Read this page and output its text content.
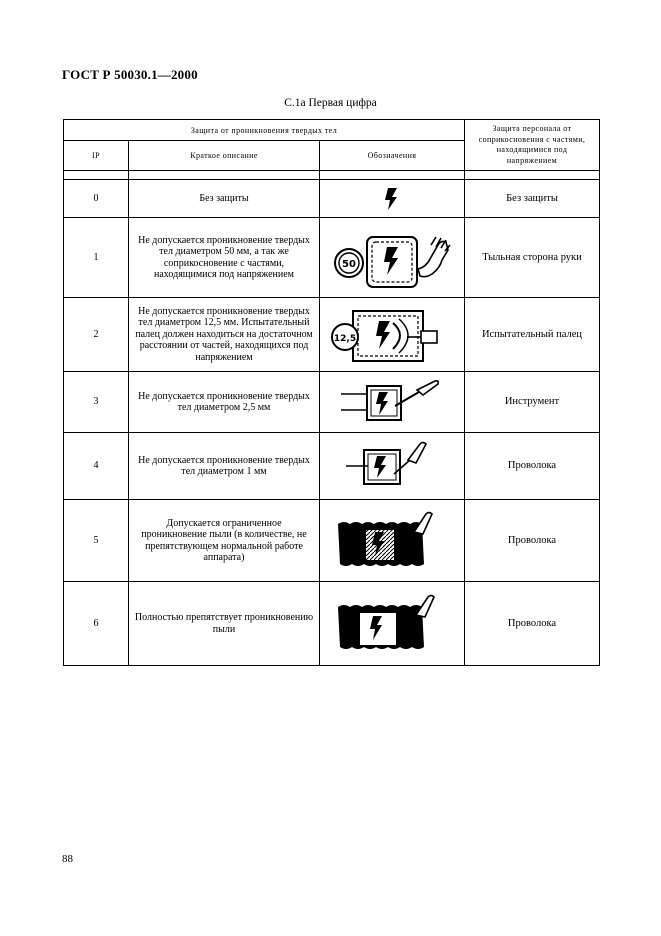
ГОСТ Р 50030.1—2000
С.1а Первая цифра
Защита от проникновения твердых тел			Защита персонала от соприкосновения с частями, находящимися под напряжением

IP	Краткое описание	Обозначения	

0	Без защиты		Без защиты
1	Не допускается проникновение твердых тел диаметром 50 мм, а так же соприкосновение с частями, находящимися под напряжением	50	Тыльная сторона руки
2	Не допускается проникновение твердых тел диаметром 12,5 мм. Испытательный палец должен находиться на достаточном расстоянии от частей, находящихся под напряжением	12,5	Испытательный палец
3	Не допускается проникновение твердых тел диаметром 2,5 мм		Инструмент
4	Не допускается проникновение твердых тел диаметром 1 мм		Проволока
5	Допускается ограниченное проникновение пыли (в количестве, не препятствующем нормальной работе аппарата)		Проволока
6	Полностью препятствует проникновению пыли		Проволока
88
